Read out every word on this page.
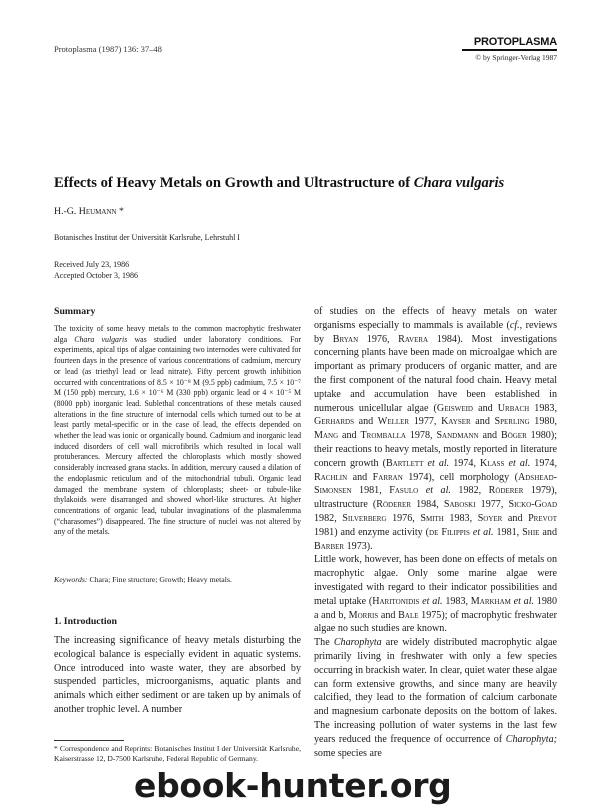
Protoplasma (1987) 136: 37–48
PROTOPLASMA
© by Springer-Verlag 1987
Effects of Heavy Metals on Growth and Ultrastructure of Chara vulgaris
H.-G. Heumann *
Botanisches Institut der Universität Karlsruhe, Lehrstuhl I
Received July 23, 1986
Accepted October 3, 1986
Summary

The toxicity of some heavy metals to the common macrophytic freshwater alga Chara vulgaris was studied under laboratory conditions. For experiments, apical tips of algae containing two internodes were cultivated for fourteen days in the presence of various concentrations of cadmium, mercury or lead (as triethyl lead or lead nitrate). Fifty percent growth inhibition occurred with concentrations of 8.5 × 10⁻⁸ M (9.5 ppb) cadmium, 7.5 × 10⁻⁷ M (150 ppb) mercury, 1.6 × 10⁻⁶ M (330 ppb) organic lead or 4 × 10⁻⁵ M (8000 ppb) inorganic lead. Sublethal concentrations of these metals caused alterations in the fine structure of internodal cells which turned out to be at least partly metal-specific or in the case of lead, the effects depended on whether the lead was ionic or organically bound. Cadmium and inorganic lead induced disorders of cell wall microfibrils which resulted in local wall protuberances. Mercury affected the chloroplasts which mostly showed considerably increased grana stacks. In addition, mercury caused a dilation of the endoplasmic reticulum and of the mitochondrial tubuli. Organic lead damaged the membrane system of chloroplasts; sheet- or tubule-like thylakoids were disarranged and showed whorl-like structures. At higher concentrations of organic lead, tubular invaginations of the plasmalemma (“charasomes”) disappeared. The fine structure of nuclei was not altered by any of the metals.

Keywords: Chara; Fine structure; Growth; Heavy metals.
1. Introduction
The increasing significance of heavy metals disturbing the ecological balance is especially evident in aquatic systems. Once introduced into waste water, they are absorbed by suspended particles, microorganisms, aquatic plants and animals which either sediment or are taken up by animals of another trophic level. A number
* Correspondence and Reprints: Botanisches Institut I der Universität Karlsruhe, Kaiserstrasse 12, D-7500 Karlsruhe, Federal Republic of Germany.

of studies on the effects of heavy metals on water organisms especially to mammals is available (cf., reviews by Bryan 1976, Ravera 1984). Most investigations concerning plants have been made on microalgae which are important as primary producers of organic matter, and are the first component of the natural food chain. Heavy metal uptake and accumulation have been established in numerous unicellular algae (Geisweid and Urbach 1983, Gerhards and Weller 1977, Kayser and Sperling 1980, Mang and Tromballa 1978, Sandmann and Böger 1980); their reactions to heavy metals, mostly reported in literature concern growth (Bartlett et al. 1974, Klass et al. 1974, Rachlin and Farran 1974), cell morphology (Adshead-Simonsen 1981, Fasulo et al. 1982, Röderer 1979), ultrastructure (Röderer 1984, Saboski 1977, Sicko-Goad 1982, Silverberg 1976, Smith 1983, Soyer and Prevot 1981) and enzyme activity (de Filippis et al. 1981, Shie and Barber 1973).

Little work, however, has been done on effects of metals on macrophytic algae. Only some marine algae were investigated with regard to their indicator possibilities and metal uptake (Haritonidis et al. 1983, Markham et al. 1980 a and b, Morris and Bale 1975); of macrophytic freshwater algae no such studies are known.

The Charophyta are widely distributed macrophytic algae primarily living in freshwater with only a few species occurring in brackish water. In clear, quiet water these algae can form extensive growths, and since many are heavily calcified, they lead to the formation of calcium carbonate and magnesium carbonate deposits on the bottom of lakes. The increasing pollution of water systems in the last few years reduced the frequence of occurrence of Charophyta; some species are

ebook-hunter.org
